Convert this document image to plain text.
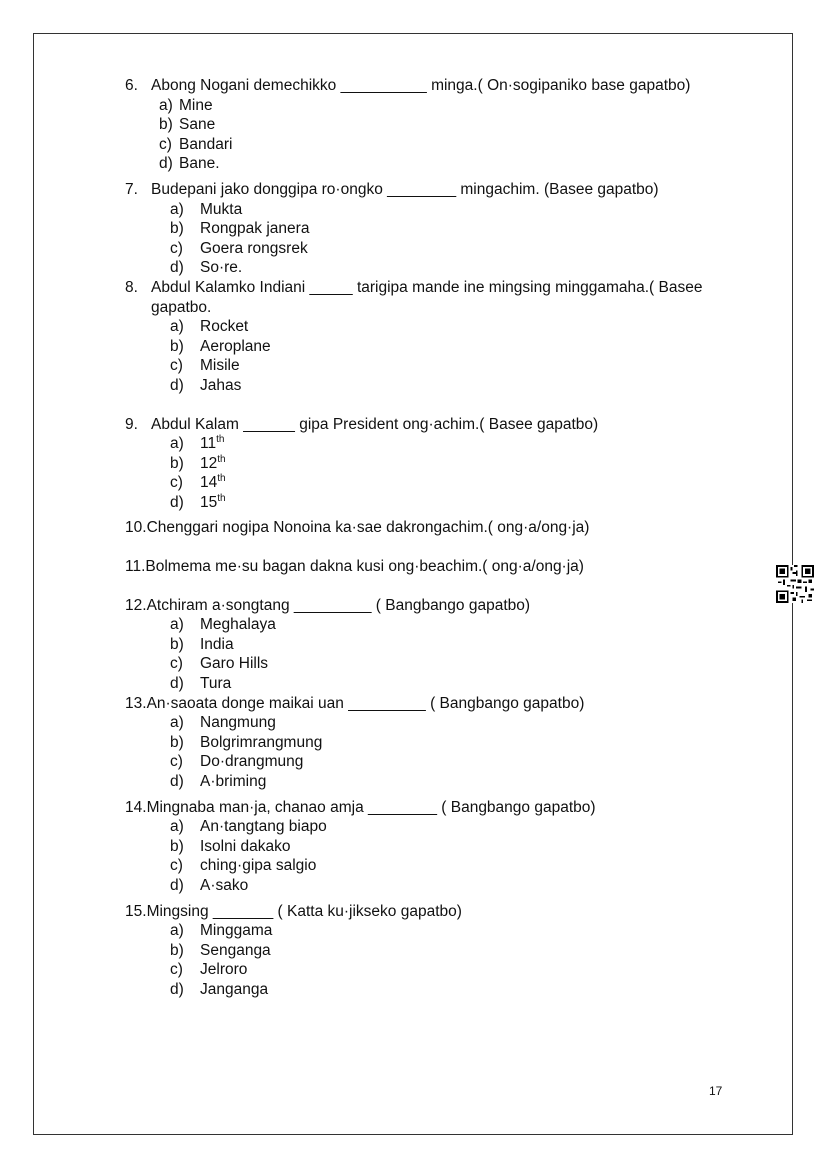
6. Abong Nogani demechikko __________ minga.( On·sogipaniko base gapatbo)
a) Mine
b) Sane
c) Bandari
d) Bane.
7. Budepani jako donggipa ro·ongko ________ mingachim. (Basee gapatbo)
a) Mukta
b) Rongpak janera
c) Goera rongsrek
d) So·re.
8. Abdul Kalamko Indiani _____ tarigipa mande ine mingsing minggamaha.( Basee gapatbo.
a) Rocket
b) Aeroplane
c) Misile
d) Jahas
9. Abdul Kalam ______ gipa President ong·achim.( Basee gapatbo)
a) 11th
b) 12th
c) 14th
d) 15th
10. Chenggari nogipa Nonoina ka·sae dakrongachim.( ong·a/ong·ja)
11. Bolmema me·su bagan dakna kusi ong·beachim.( ong·a/ong·ja)
12. Atchiram a·songtang _________ ( Bangbango gapatbo)
a) Meghalaya
b) India
c) Garo Hills
d) Tura
13. An·saoata donge maikai uan _________ ( Bangbango gapatbo)
a) Nangmung
b) Bolgrimrangmung
c) Do·drangmung
d) A·briming
14. Mingnaba man·ja, chanao amja ________ ( Bangbango gapatbo)
a) An·tangtang biapo
b) Isolni dakako
c) ching·gipa salgio
d) A·sako
15. Mingsing _______ ( Katta ku·jikseko gapatbo)
a) Minggama
b) Senganga
c) Jelroro
d) Janganga
17
